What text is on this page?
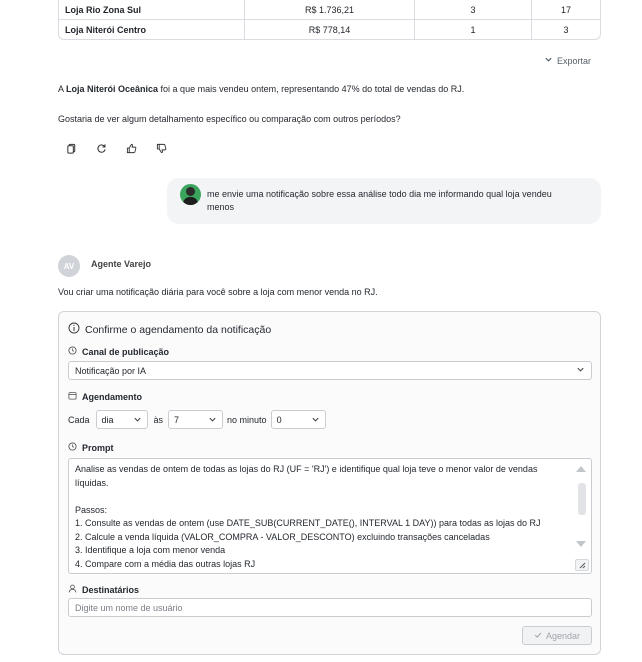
Loja Rio Zona Sul	R$ 1.736,21	3	17
Loja Niterói Centro	R$ 778,14	1	3
Exportar
A Loja Niterói Oceânica foi a que mais vendeu ontem, representando 47% do total de vendas do RJ.
Gostaria de ver algum detalhamento específico ou comparação com outros períodos?
me envie uma notificação sobre essa análise todo dia me informando qual loja vendeu menos
AV	Agente Varejo
Vou criar uma notificação diária para você sobre a loja com menor venda no RJ.
Confirme o agendamento da notificação
Canal de publicação
Notificação por IA
Agendamento
Cada dia	às 7	no minuto 0
Prompt
Analise as vendas de ontem de todas as lojas do RJ (UF = 'RJ') e identifique qual loja teve o menor valor de vendas líquidas.
Passos:
1. Consulte as vendas de ontem (use DATE_SUB(CURRENT_DATE(), INTERVAL 1 DAY)) para todas as lojas do RJ
2. Calcule a venda líquida (VALOR_COMPRA - VALOR_DESCONTO) excluindo transações canceladas
3. Identifique a loja com menor venda
4. Compare com a média das outras lojas RJ
Destinatários
Digite um nome de usuário
Agendar
